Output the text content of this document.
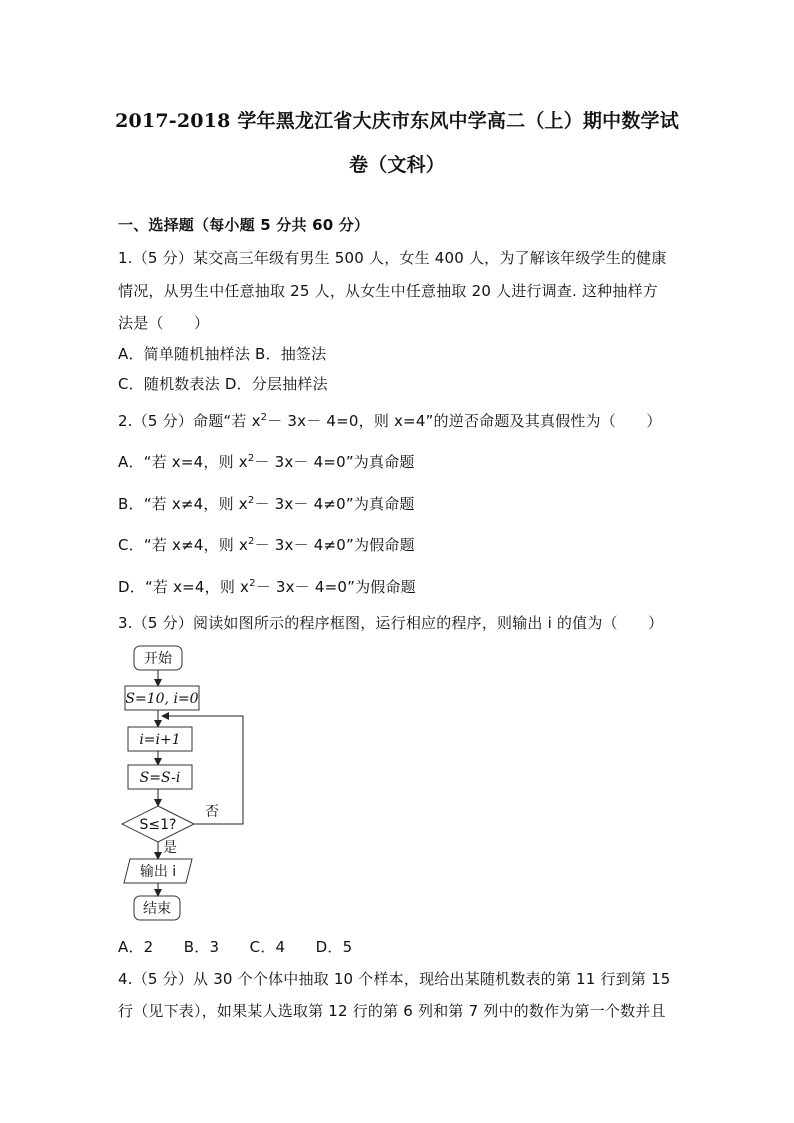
2017-2018 学年黑龙江省大庆市东风中学高二（上）期中数学试
卷（文科）
一、选择题（每小题 5 分共 60 分）
1.（5 分）某交高三年级有男生 500 人，女生 400 人，为了解该年级学生的健康
情况，从男生中任意抽取 25 人，从女生中任意抽取 20 人进行调查. 这种抽样方
法是（　　）
A．简单随机抽样法 B．抽签法
C．随机数表法 D．分层抽样法
2.（5 分）命题“若 $x^2- 3x- 4=0$，则 x=4”的逆否命题及其真假性为（　　）
A．“若 x=4，则 $x^2- 3x- 4=0$”为真命题
B．“若 x≠4，则 $x^2- 3x- 4\ne 0$”为真命题
C．“若 x≠4，则 $x^2- 3x- 4\ne 0$”为假命题
D．“若 x=4，则 $x^2- 3x- 4=0$”为假命题
3.（5 分）阅读如图所示的程序框图，运行相应的程序，则输出 i 的值为（　　）
开始
S=10, i=0
i=i+1
S=S-i
S≤1?
否
是
输出 i
结束
A．2　　B．3　　C．4　　D．5
4.（5 分）从 30 个个体中抽取 10 个样本，现给出某随机数表的第 11 行到第 15
行（见下表），如果某人选取第 12 行的第 6 列和第 7 列中的数作为第一个数并且
